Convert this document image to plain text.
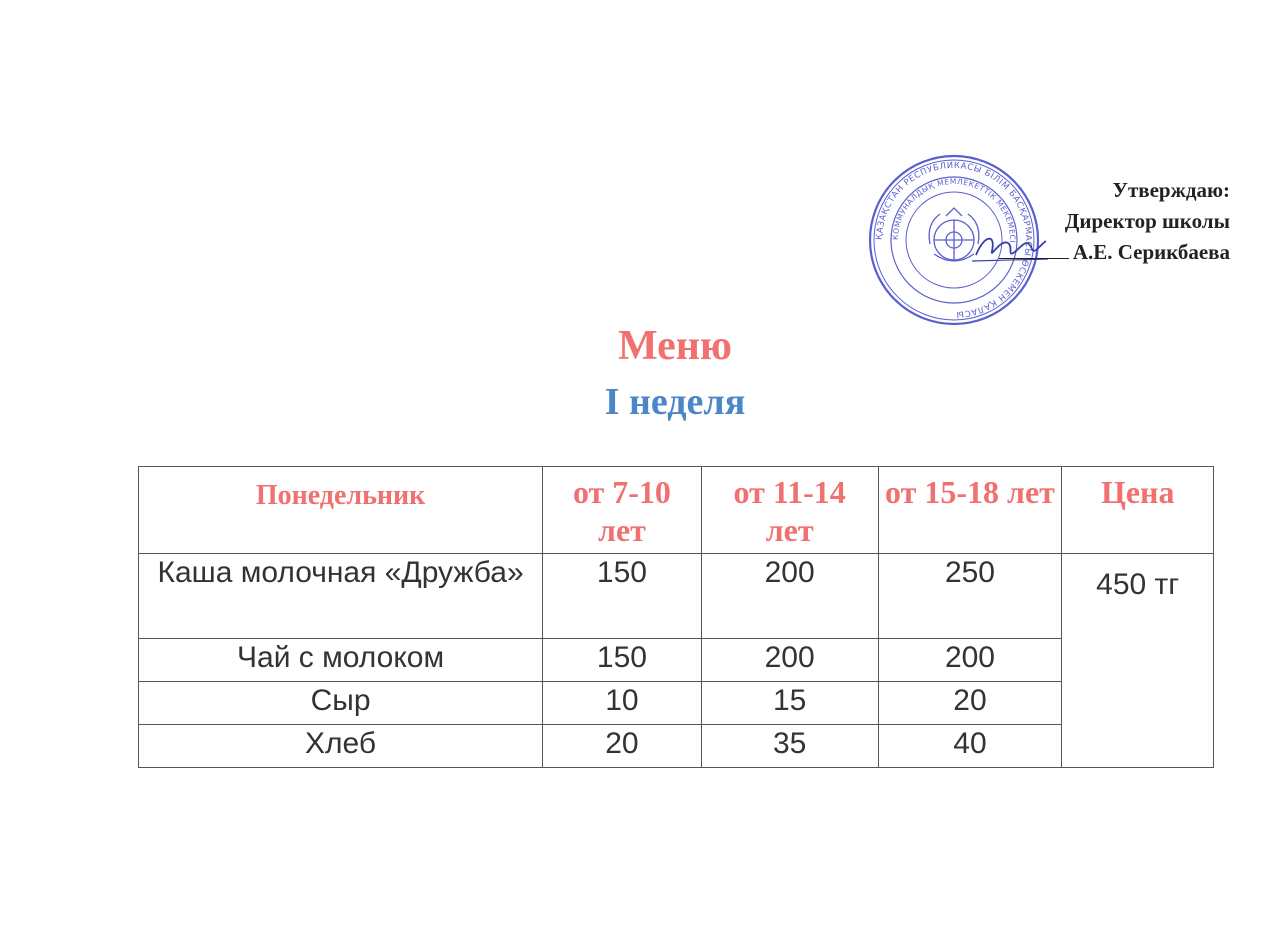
ҚАЗАҚСТАН РЕСПУБЛИКАСЫ БІЛІМ БАСҚАРМАСЫ ӨСКЕМЕН ҚАЛАСЫ
КОММУНАЛДЫҚ МЕМЛЕКЕТТІК МЕКЕМЕСІ
Утверждаю:
Директор школы
А.Е. Серикбаева
Меню
I неделя
Понедельник	от 7-10 лет	от 11-14 лет	от 15-18 лет	Цена
Каша молочная «Дружба»	150	200	250	450 тг
Чай с молоком	150	200	200	
Сыр	10	15	20	
Хлеб	20	35	40	
